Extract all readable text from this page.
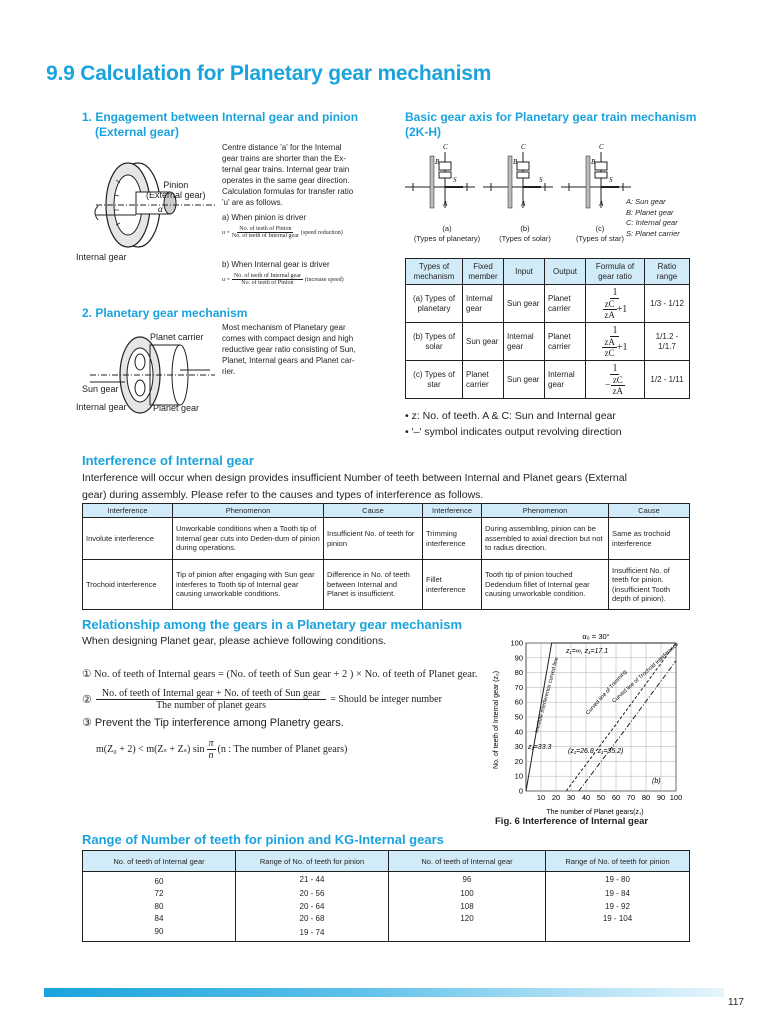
9.9 Calculation for Planetary gear mechanism
1. Engagement between Internal gear and pinion
(External gear)
α
Pinion
(External gear)
Internal gear
Centre distance 'a' for the Internal
gear trains are shorter than the Ex-
ternal gear trains. Internal gear train
operates in the same gear direction.
Calculation formulas for transfer ratio
'u' are as follows.
a) When pinion is driver
$u = \frac{\text{No. of teeth of Pinion}}{\text{No. of teeth of Internal gear}}$ (speed reduction)
b) When Internal gear is driver
$u = \frac{\text{No. of teeth of Internal gear}}{\text{No. of teeth of Pinion}}$ (increase speed)
2. Planetary gear mechanism
Planet carrier
Sun gear
Internal gear	Planet gear
Most mechanism of Planetary gear
comes with compact design and high
reductive gear ratio consisting of Sun,
Planet, Internal gears and Planet car-
rier.
Basic gear axis for Planetary gear train mechanism
(2K-H)
C
B
S
A
C
B
S
A
C
B
S
A
(a)
(Types of planetary)
(b)
(Types of solar)
(c)
(Types of star)
A: Sun gear
B: Planet gear
C: Internal gear
S: Planet carrier
Types of mechanism	Fixed member	Input	Output	Formula of gear ratio	Ratio range
(a) Types of planetary	Internal gear	Sun gear	Planet carrier	$\frac{1}{\frac{zC}{zA} +1}$	1/3 - 1/12
(b) Types of solar	Sun gear	Internal gear	Planet carrier	$\frac{1}{\frac{zA}{zC} +1}$	1/1.2 - 1/1.7
(c) Types of star	Planet carrier	Sun gear	Internal gear	$\frac{1}{- \frac{zC}{zA}}$	1/2 - 1/11
• z: No. of teeth. A & C: Sun and Internal gear
• '–' symbol indicates output revolving direction
Interference of Internal gear
Interference will occur when design provides insufficient Number of teeth between Internal and Planet gears (External
gear) during assembly. Please refer to the causes and types of interference as follows.
Interference	Phenomenon	Cause	Interference	Phenomenon	Cause
Involute interference	Unworkable conditions when a Tooth tip of Internal gear cuts into Deden-dum of pinion during operations.	Insufficient No. of teeth for pinion	Trimming interference	During assembling, pinion can be assembled to axial direction but not to radius direction.	Same as trochoid interference
Trochoid interference	Tip of pinion after engaging with Sun gear interferes to Tooth tip of Internal gear causing unworkable conditions.	Difference in No. of teeth between Internal and Planet is insufficient.	Fillet interference	Tooth tip of pinion touched Dedendum fillet of Internal gear causing unworkable condition.	Insufficient No. of teeth for pinion. (insufficient Tooth depth of pinion).
Relationship among the gears in a Planetary gear mechanism
When designing Planet gear, please achieve following conditions.
① No. of teeth of Internal gears = (No. of teeth of Sun gear + 2 ) × No. of teeth of Planet gear.
② $\frac{\text{No. of teeth of Internal gear + No. of teeth of Sun gear}}{\text{The number of planet gears}}$ = Should be integer number
③ Prevent the Tip interference among Planetry gears.
m(Z₀ + 2) < m(Zₛ + Zₛ) $\sin \frac{\pi}{n} (n$ : The number of Planet gears)
α₀ = 30°
0
10
20
30
40
50
60
70
80
90
100
10 20 30 40 50 60 70 80 90 100
z₁=∞, z₁=17.1
z₁=33.3
(z₁=26.8, z₁=35.2)
(b)
Involute interference curved line	Curved line of Trimming
Curved line of Trochoid interference
The number of Planet gears(z₁)
No. of teeth of Internal gear (z₂)
Fig. 6 Interference of Internal gear
Range of Number of teeth for pinion and KG-Internal gears
No. of teeth of Internal gear	Range of No. of teeth for pinion	No. of teeth of Internal gear	Range of No. of teeth for pinion
60	21 - 44	96	19 - 80
72	20 - 56	100	19 - 84
80	20 - 64	108	19 - 92
84	20 - 68	120	19 - 104
90	19 - 74		
117
